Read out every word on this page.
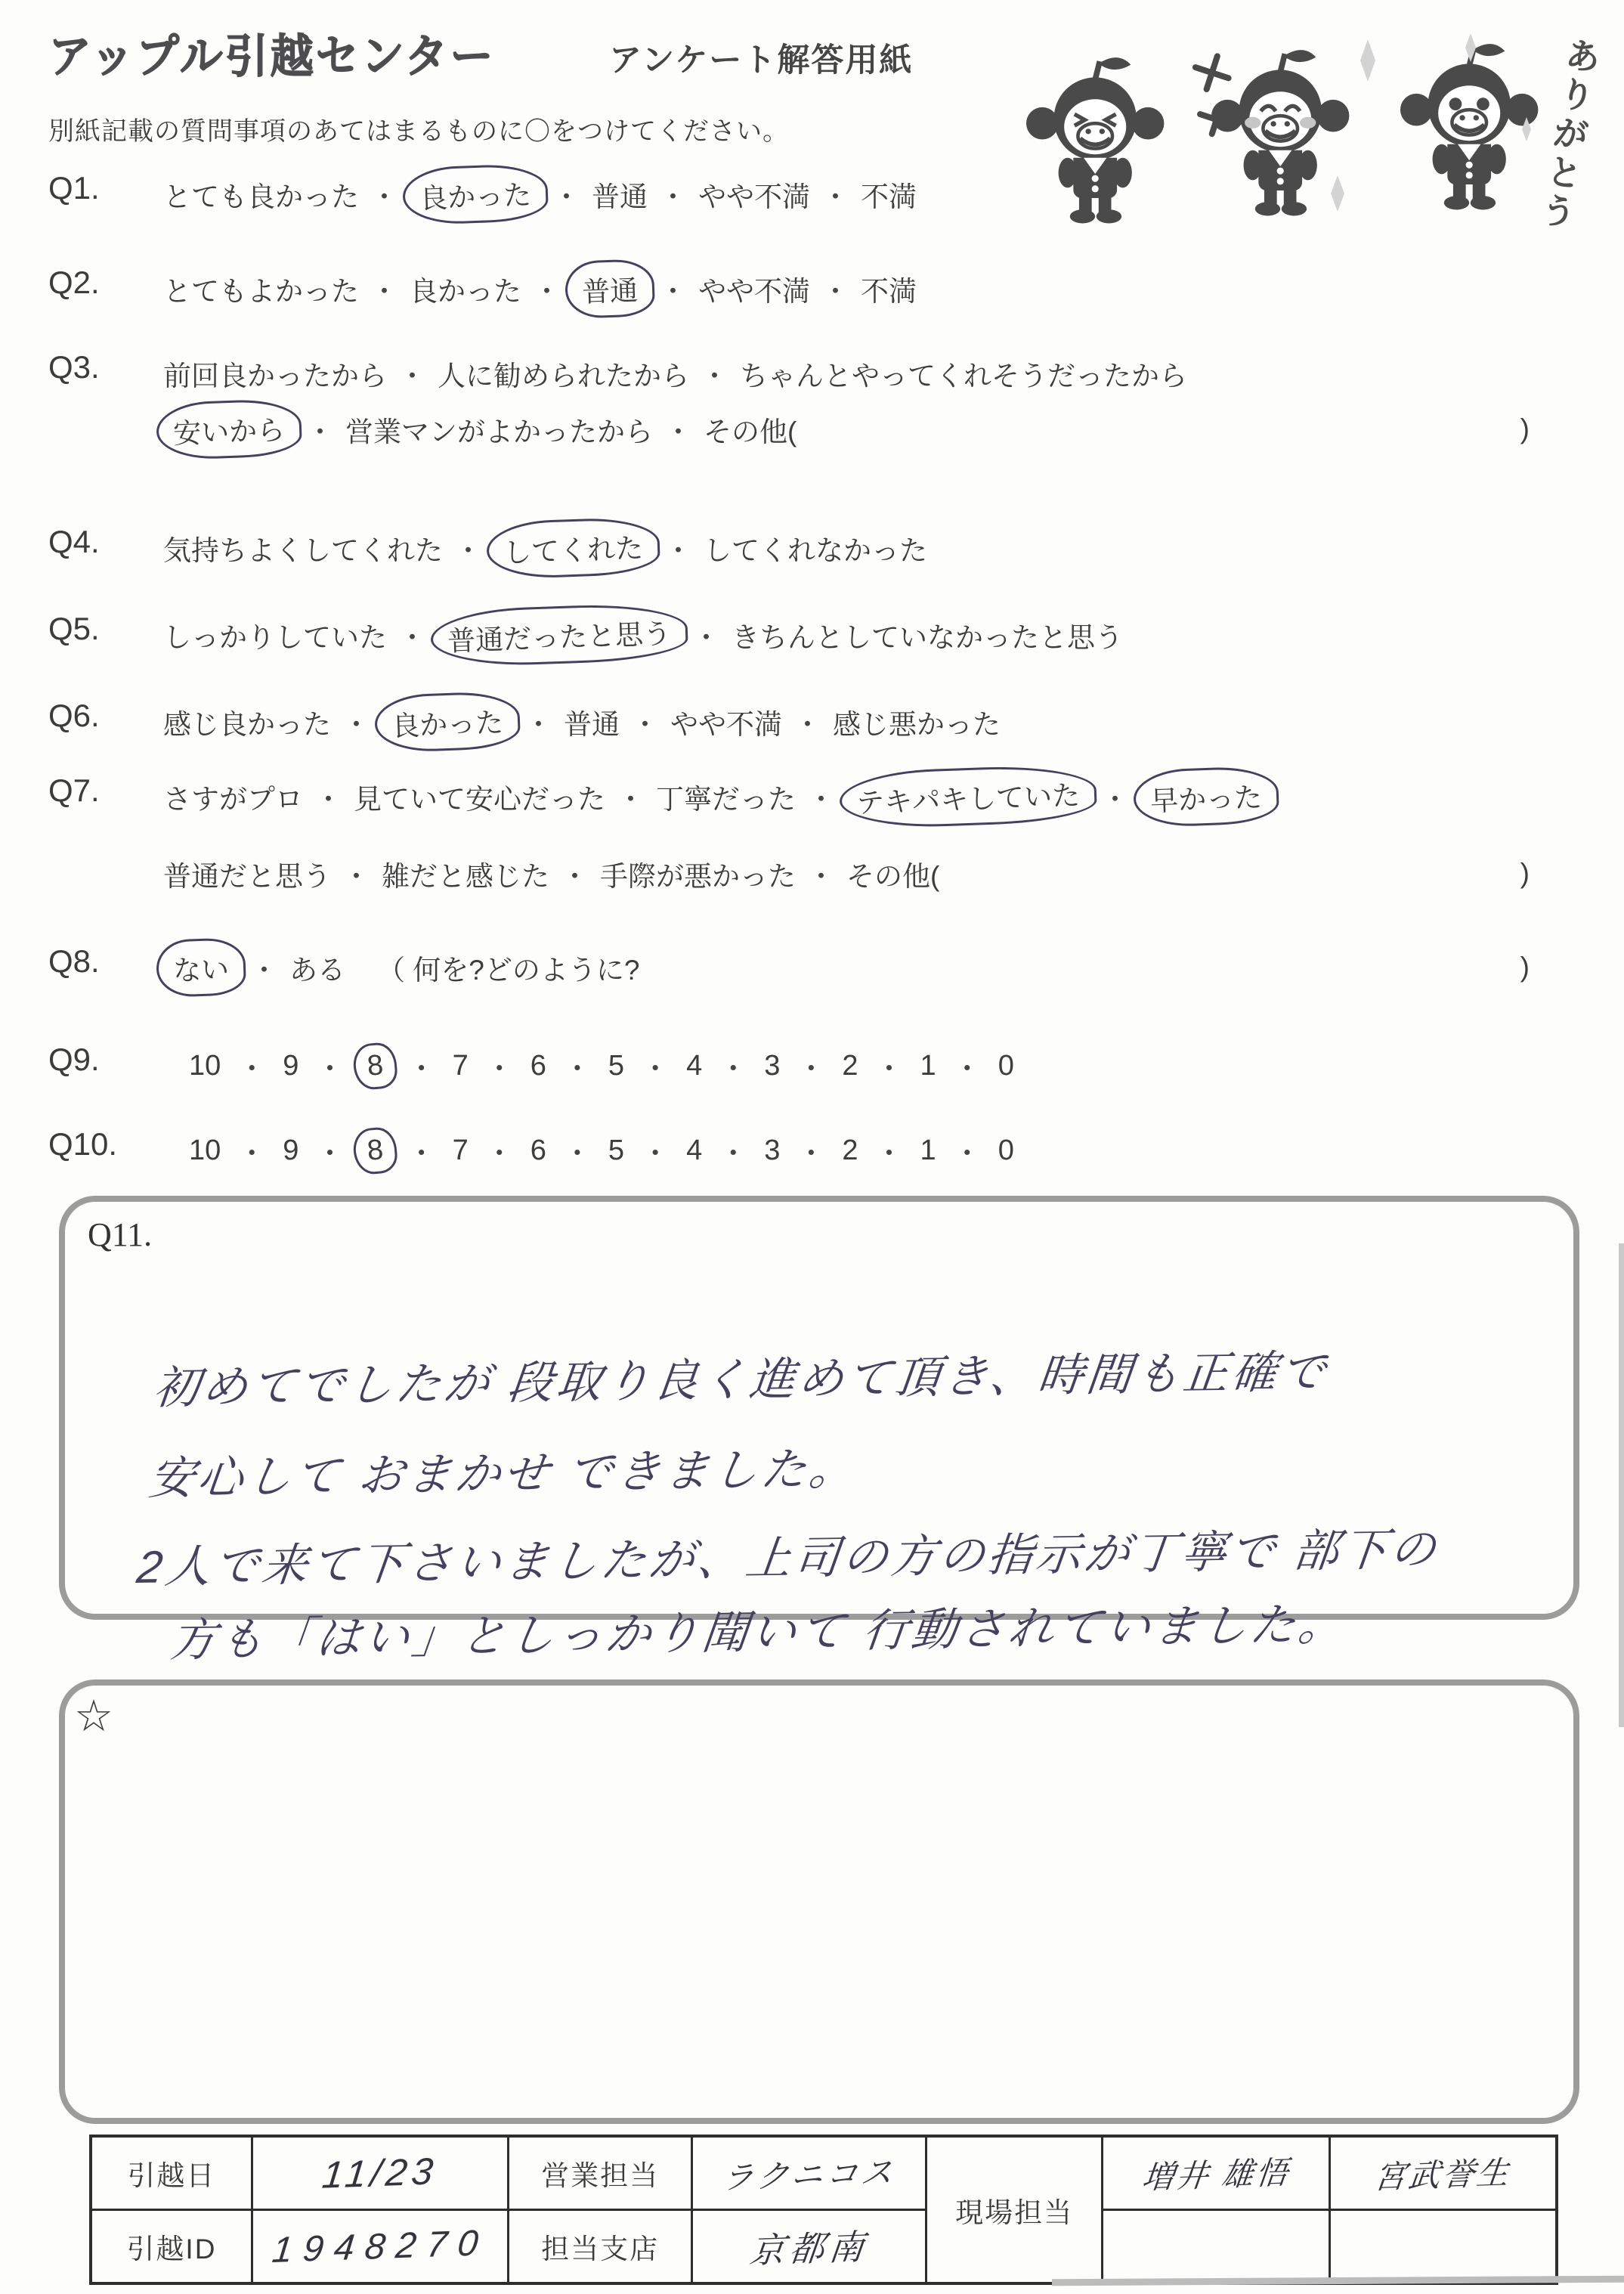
アップル引越センター	アンケート解答用紙
別紙記載の質問事項のあてはまるものに〇をつけてください。	ありがとう
Q1.	とても良かった ・ 良かった ・ 普通 ・ やや不満 ・ 不満
Q2.	とてもよかった ・ 良かった ・ 普通 ・ やや不満 ・ 不満
Q3.	前回良かったから ・ 人に勧められたから ・ ちゃんとやってくれそうだったから
安いから ・ 営業マンがよかったから ・ その他(	)
Q4.	気持ちよくしてくれた ・ してくれた ・ してくれなかった
Q5.	しっかりしていた ・ 普通だったと思う ・ きちんとしていなかったと思う
Q6.	感じ良かった ・ 良かった ・ 普通 ・ やや不満 ・ 感じ悪かった
Q7.	さすがプロ ・ 見ていて安心だった ・ 丁寧だった ・ テキパキしていた ・ 早かった
普通だと思う ・ 雑だと感じた ・ 手際が悪かった ・ その他(	)
Q8.	ない ・ ある （ 何を?どのように?	)
Q9.	10 ・ 9 ・ 8 ・ 7 ・ 6 ・ 5 ・ 4 ・ 3 ・ 2 ・ 1 ・ 0
Q10.	10 ・ 9 ・ 8 ・ 7 ・ 6 ・ 5 ・ 4 ・ 3 ・ 2 ・ 1 ・ 0
Q11.
初めてでしたが 段取り良く進めて頂き、時間も正確で
安心して おまかせ できました。
2人で来て下さいましたが、上司の方の指示が丁寧で 部下の
方も「はい」としっかり聞いて 行動されていました。
☆
引越日	11/23	営業担当	ラクニコス	現場担当	増井 雄悟	宮武誉生
引越ID	1948270	担当支店	京都南			
